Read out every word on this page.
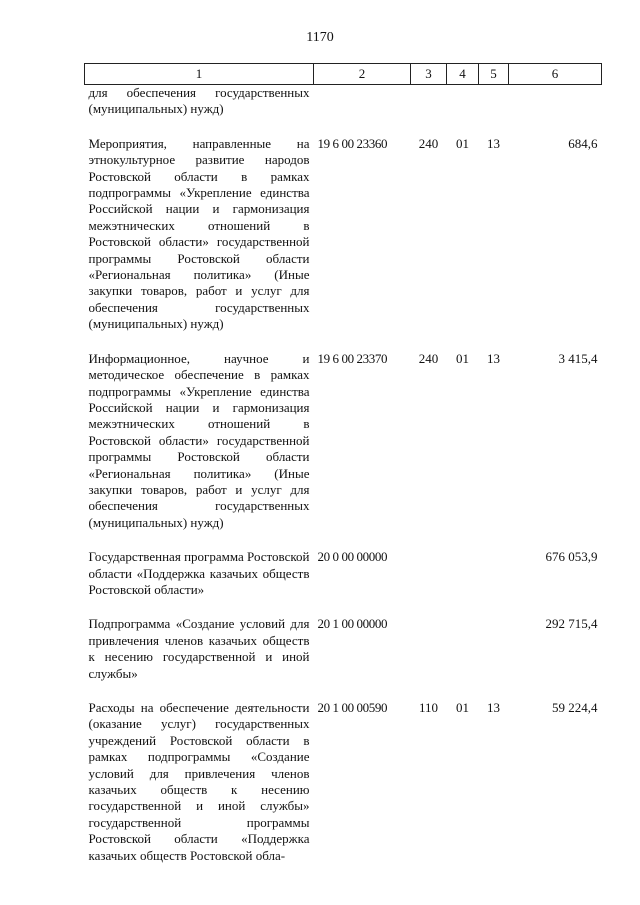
1170
1	2	3	4	5	6
для обеспечения государственных (муниципальных) нужд)					
Мероприятия, направленные на этнокультурное развитие народов Ростовской области в рамках подпрограммы «Укрепление единства Российской нации и гармонизация межэтнических отношений в Ростовской области» государственной программы Ростовской области «Региональная политика» (Иные закупки товаров, работ и услуг для обеспечения государственных (муниципальных) нужд)	19 6 00 23360	240	01	13	684,6
Информационное, научное и методическое обеспечение в рамках подпрограммы «Укрепление единства Российской нации и гармонизация межэтнических отношений в Ростовской области» государственной программы Ростовской области «Региональная политика» (Иные закупки товаров, работ и услуг для обеспечения государственных (муниципальных) нужд)	19 6 00 23370	240	01	13	3 415,4
Государственная программа Ростовской области «Поддержка казачьих обществ Ростовской области»	20 0 00 00000				676 053,9
Подпрограмма «Создание условий для привлечения членов казачьих обществ к несению государственной и иной службы»	20 1 00 00000				292 715,4
Расходы на обеспечение деятельности (оказание услуг) государственных учреждений Ростовской области в рамках подпрограммы «Создание условий для привлечения членов казачьих обществ к несению государственной и иной службы» государственной программы Ростовской области «Поддержка казачьих обществ Ростовской обла-	20 1 00 00590	110	01	13	59 224,4
